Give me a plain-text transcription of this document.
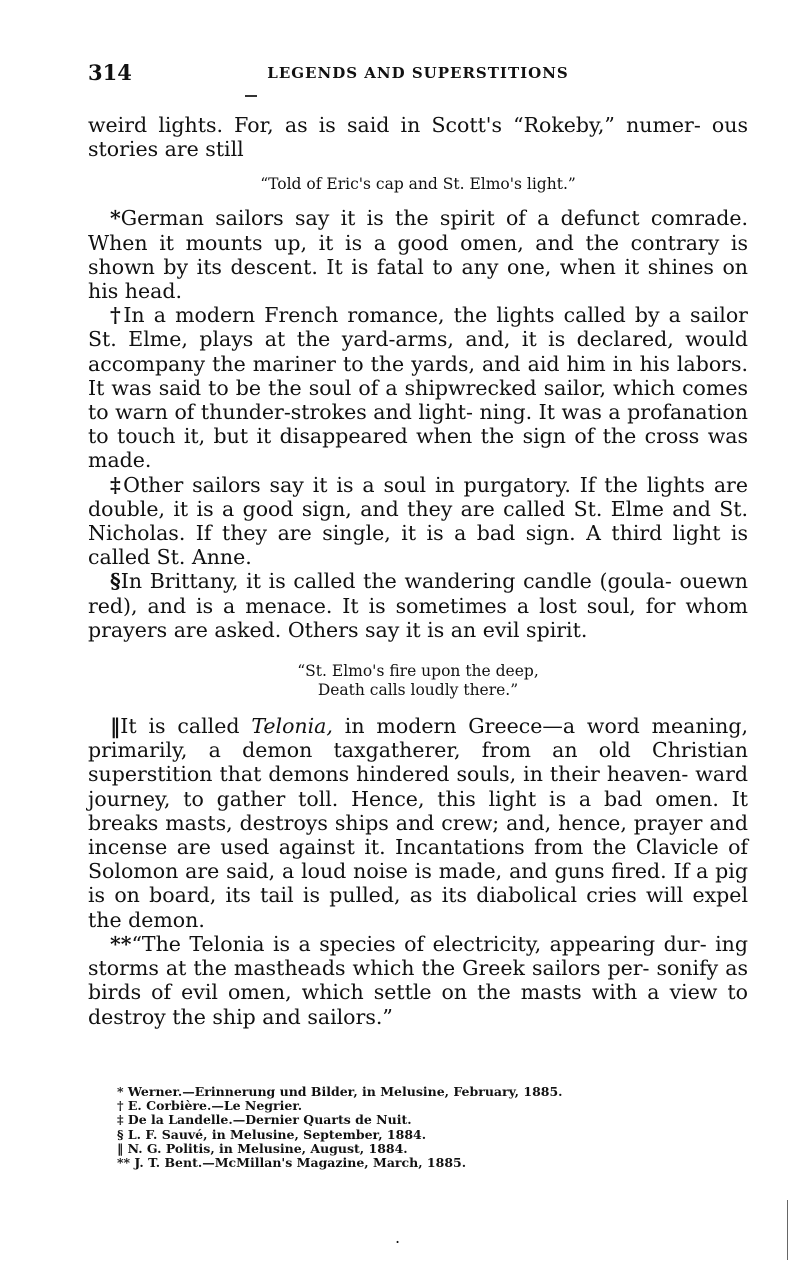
314	LEGENDS AND SUPERSTITIONS

weird lights. For, as is said in Scott's “Rokeby,” numer- ous stories are still

“Told of Eric's cap and St. Elmo's light.”

*German sailors say it is the spirit of a defunct comrade. When it mounts up, it is a good omen, and the contrary is shown by its descent. It is fatal to any one, when it shines on his head.

†In a modern French romance, the lights called by a sailor St. Elme, plays at the yard-arms, and, it is declared, would accompany the mariner to the yards, and aid him in his labors. It was said to be the soul of a shipwrecked sailor, which comes to warn of thunder-strokes and light- ning. It was a profanation to touch it, but it disappeared when the sign of the cross was made.

‡Other sailors say it is a soul in purgatory. If the lights are double, it is a good sign, and they are called St. Elme and St. Nicholas. If they are single, it is a bad sign. A third light is called St. Anne.

§In Brittany, it is called the wandering candle (goula- ouewn red), and is a menace. It is sometimes a lost soul, for whom prayers are asked. Others say it is an evil spirit.

“St. Elmo's fire upon the deep,

Death calls loudly there.”

‖It is called Telonia, in modern Greece—a word meaning, primarily, a demon taxgatherer, from an old Christian superstition that demons hindered souls, in their heaven- ward journey, to gather toll. Hence, this light is a bad omen. It breaks masts, destroys ships and crew; and, hence, prayer and incense are used against it. Incantations from the Clavicle of Solomon are said, a loud noise is made, and guns fired. If a pig is on board, its tail is pulled, as its diabolical cries will expel the demon.

**“The Telonia is a species of electricity, appearing dur- ing storms at the mastheads which the Greek sailors per- sonify as birds of evil omen, which settle on the masts with a view to destroy the ship and sailors.”

* Werner.—Erinnerung und Bilder, in Melusine, February, 1885.

† E. Corbière.—Le Negrier.

‡ De la Landelle.—Dernier Quarts de Nuit.

§ L. F. Sauvé, in Melusine, September, 1884.

‖ N. G. Politis, in Melusine, August, 1884.

** J. T. Bent.—McMillan's Magazine, March, 1885.

.
